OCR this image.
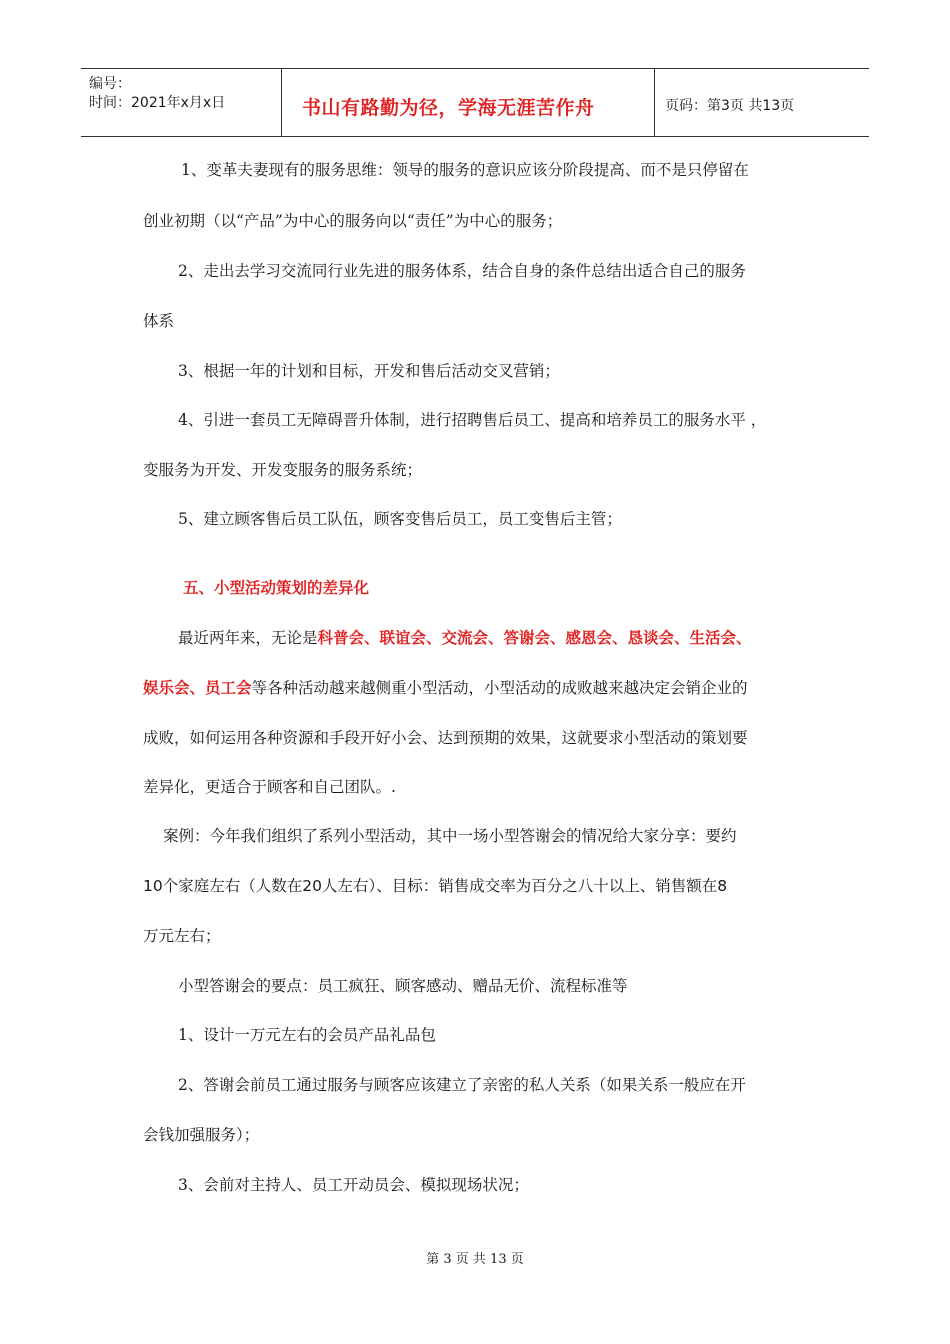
编号：
时间：2021年x月x日	书山有路勤为径，学海无涯苦作舟	页码：第3页 共13页
1、变革夫妻现有的服务思维：领导的服务的意识应该分阶段提高、而不是只停留在
创业初期（以“产品”为中心的服务向以“责任”为中心的服务；
2、走出去学习交流同行业先进的服务体系，结合自身的条件总结出适合自己的服务
体系
3、根据一年的计划和目标，开发和售后活动交叉营销；
4、引进一套员工无障碍晋升体制，进行招聘售后员工、提高和培养员工的服务水平 ，
变服务为开发、开发变服务的服务系统；
5、建立顾客售后员工队伍，顾客变售后员工，员工变售后主管；
五、小型活动策划的差异化
最近两年来，无论是科普会、联谊会、交流会、答谢会、感恩会、恳谈会、生活会、
娱乐会、员工会等各种活动越来越侧重小型活动，小型活动的成败越来越决定会销企业的
成败，如何运用各种资源和手段开好小会、达到预期的效果，这就要求小型活动的策划要
差异化，更适合于顾客和自己团队。.
案例：今年我们组织了系列小型活动，其中一场小型答谢会的情况给大家分享：要约
10个家庭左右（人数在20人左右）、目标：销售成交率为百分之八十以上、销售额在8
万元左右；
小型答谢会的要点：员工疯狂、顾客感动、赠品无价、流程标准等
1、设计一万元左右的会员产品礼品包
2、答谢会前员工通过服务与顾客应该建立了亲密的私人关系（如果关系一般应在开
会钱加强服务）；
3、会前对主持人、员工开动员会、模拟现场状况；
第 3 页 共 13 页
